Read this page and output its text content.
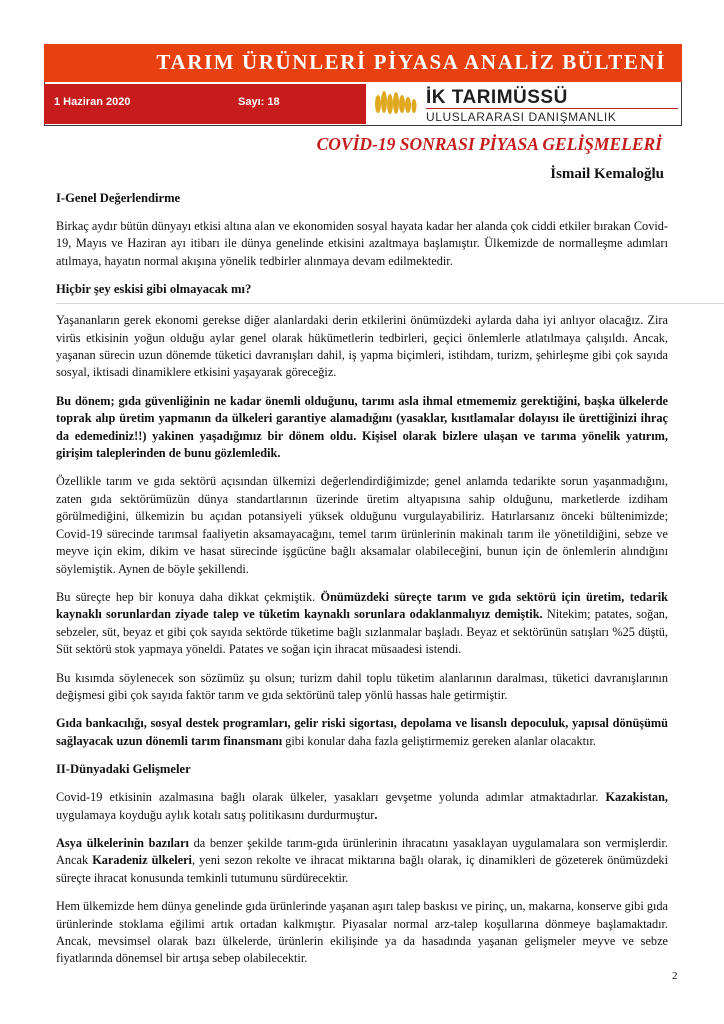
TARIM ÜRÜNLERİ PİYASA ANALİZ BÜLTENİ
1 Haziran 2020	Sayı: 18	İK TARIMÜSSÜ
ULUSLARARASI DANIŞMANLIK
COVİD-19 SONRASI PİYASA GELİŞMELERİ
İsmail Kemaloğlu
I-Genel Değerlendirme

Birkaç aydır bütün dünyayı etkisi altına alan ve ekonomiden sosyal hayata kadar her alanda çok ciddi etkiler bırakan Covid-19, Mayıs ve Haziran ayı itibarı ile dünya genelinde etkisini azaltmaya başlamıştır. Ülkemizde de normalleşme adımları atılmaya, hayatın normal akışına yönelik tedbirler alınmaya devam edilmektedir.

Hiçbir şey eskisi gibi olmayacak mı?

Yaşananların gerek ekonomi gerekse diğer alanlardaki derin etkilerini önümüzdeki aylarda daha iyi anlıyor olacağız. Zira virüs etkisinin yoğun olduğu aylar genel olarak hükümetlerin tedbirleri, geçici önlemlerle atlatılmaya çalışıldı. Ancak, yaşanan sürecin uzun dönemde tüketici davranışları dahil, iş yapma biçimleri, istihdam, turizm, şehirleşme gibi çok sayıda sosyal, iktisadi dinamiklere etkisini yaşayarak göreceğiz.

Bu dönem; gıda güvenliğinin ne kadar önemli olduğunu, tarımı asla ihmal etmememiz gerektiğini, başka ülkelerde toprak alıp üretim yapmanın da ülkeleri garantiye alamadığını (yasaklar, kısıtlamalar dolayısı ile ürettiğinizi ihraç da edemediniz!!) yakinen yaşadığımız bir dönem oldu. Kişisel olarak bizlere ulaşan ve tarıma yönelik yatırım, girişim taleplerinden de bunu gözlemledik.

Özellikle tarım ve gıda sektörü açısından ülkemizi değerlendirdiğimizde; genel anlamda tedarikte sorun yaşanmadığını, zaten gıda sektörümüzün dünya standartlarının üzerinde üretim altyapısına sahip olduğunu, marketlerde izdiham görülmediğini, ülkemizin bu açıdan potansiyeli yüksek olduğunu vurgulayabiliriz. Hatırlarsanız önceki bültenimizde; Covid-19 sürecinde tarımsal faaliyetin aksamayacağını, temel tarım ürünlerinin makinalı tarım ile yönetildiğini, sebze ve meyve için ekim, dikim ve hasat sürecinde işgücüne bağlı aksamalar olabileceğini, bunun için de önlemlerin alındığını söylemiştik. Aynen de böyle şekillendi.

Bu süreçte hep bir konuya daha dikkat çekmiştik. Önümüzdeki süreçte tarım ve gıda sektörü için üretim, tedarik kaynaklı sorunlardan ziyade talep ve tüketim kaynaklı sorunlara odaklanmalıyız demiştik. Nitekim; patates, soğan, sebzeler, süt, beyaz et gibi çok sayıda sektörde tüketime bağlı sızlanmalar başladı. Beyaz et sektörünün satışları %25 düştü, Süt sektörü stok yapmaya yöneldi. Patates ve soğan için ihracat müsaadesi istendi.

Bu kısımda söylenecek son sözümüz şu olsun; turizm dahil toplu tüketim alanlarının daralması, tüketici davranışlarının değişmesi gibi çok sayıda faktör tarım ve gıda sektörünü talep yönlü hassas hale getirmiştir.

Gıda bankacılığı, sosyal destek programları, gelir riski sigortası, depolama ve lisanslı depoculuk, yapısal dönüşümü sağlayacak uzun dönemli tarım finansmanı gibi konular daha fazla geliştirmemiz gereken alanlar olacaktır.

II-Dünyadaki Gelişmeler

Covid-19 etkisinin azalmasına bağlı olarak ülkeler, yasakları gevşetme yolunda adımlar atmaktadırlar. Kazakistan, uygulamaya koyduğu aylık kotalı satış politikasını durdurmuştur.

Asya ülkelerinin bazıları da benzer şekilde tarım-gıda ürünlerinin ihracatını yasaklayan uygulamalara son vermişlerdir. Ancak Karadeniz ülkeleri, yeni sezon rekolte ve ihracat miktarına bağlı olarak, iç dinamikleri de gözeterek önümüzdeki süreçte ihracat konusunda temkinli tutumunu sürdürecektir.

Hem ülkemizde hem dünya genelinde gıda ürünlerinde yaşanan aşırı talep baskısı ve pirinç, un, makarna, konserve gibi gıda ürünlerinde stoklama eğilimi artık ortadan kalkmıştır. Piyasalar normal arz-talep koşullarına dönmeye başlamaktadır. Ancak, mevsimsel olarak bazı ülkelerde, ürünlerin ekilişinde ya da hasadında yaşanan gelişmeler meyve ve sebze fiyatlarında dönemsel bir artışa sebep olabilecektir.

2
